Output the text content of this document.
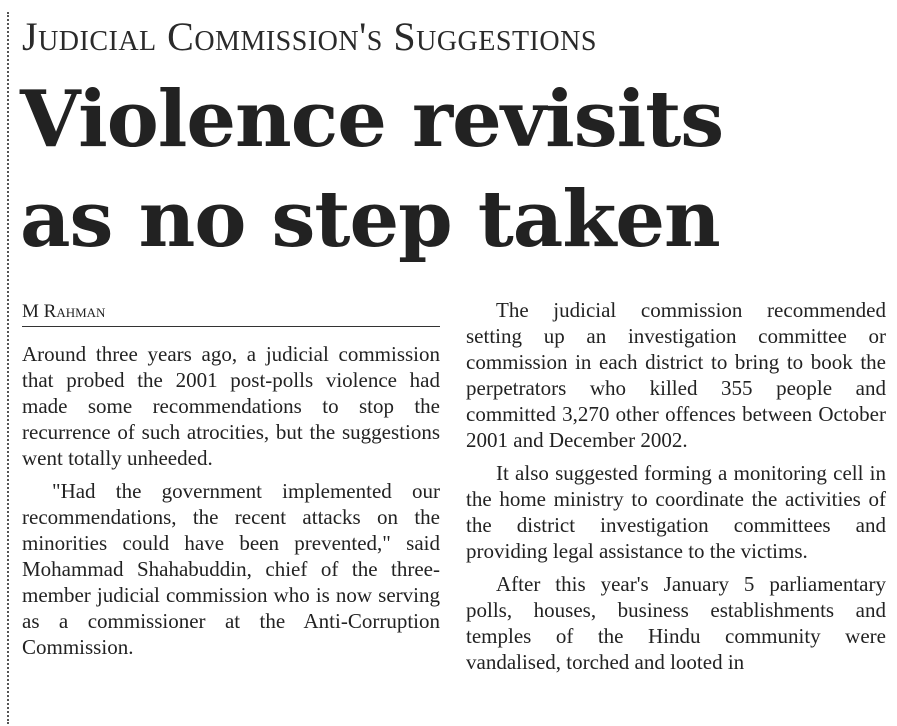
Judicial Commission's Suggestions
Violence revisits
as no step taken
M Rahman

Around three years ago, a judicial commission that probed the 2001 post-polls violence had made some recommendations to stop the recurrence of such atrocities, but the suggestions went totally unheeded.

"Had the government implemented our recommendations, the recent attacks on the minorities could have been prevented," said Mohammad Shahabuddin, chief of the three-member judicial commission who is now serving as a commissioner at the Anti-Corruption Commission.

The judicial commission recommended setting up an investigation committee or commission in each district to bring to book the perpetrators who killed 355 people and committed 3,270 other offences between October 2001 and December 2002.

It also suggested forming a monitoring cell in the home ministry to coordinate the activities of the district investigation committees and providing legal assistance to the victims.

After this year's January 5 parliamentary polls, houses, business establishments and temples of the Hindu community were vandalised, torched and looted in
